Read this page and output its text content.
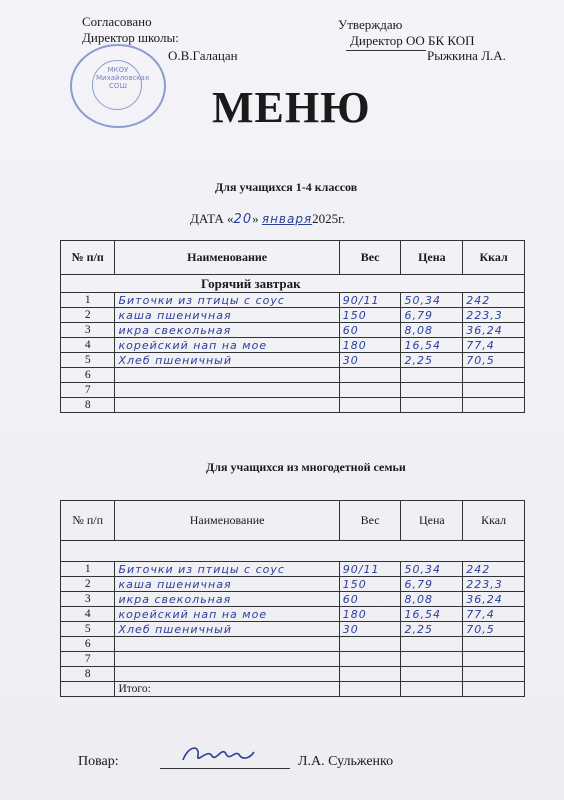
Согласовано
Директор школы:
О.В.Галацан
МКОУ
Михайловская
СОШ
Утверждаю
Директор ОО БК КОП
Рыжкина Л.А.
МЕНЮ
Для учащихся 1-4 классов
ДАТА «20» января2025г.
№ п/п	Наименование	Вес	Цена	Ккал
Горячий завтрак				
1	Биточки из птицы с соус	90/11	50,34	242
2	каша пшеничная	150	6,79	223,3
3	икра свекольная	60	8,08	36,24
4	корейский нап на мое	180	16,54	77,4
5	Хлеб пшеничный	30	2,25	70,5
6				
7				
8				
Для учащихся из многодетной семьи
№ п/п	Наименование	Вес	Цена	Ккал

1	Биточки из птицы с соус	90/11	50,34	242
2	каша пшеничная	150	6,79	223,3
3	икра свекольная	60	8,08	36,24
4	корейский нап на мое	180	16,54	77,4
5	Хлеб пшеничный	30	2,25	70,5
6				
7				
8				
	Итого:			
Повар:	Л.А. Сульженко
